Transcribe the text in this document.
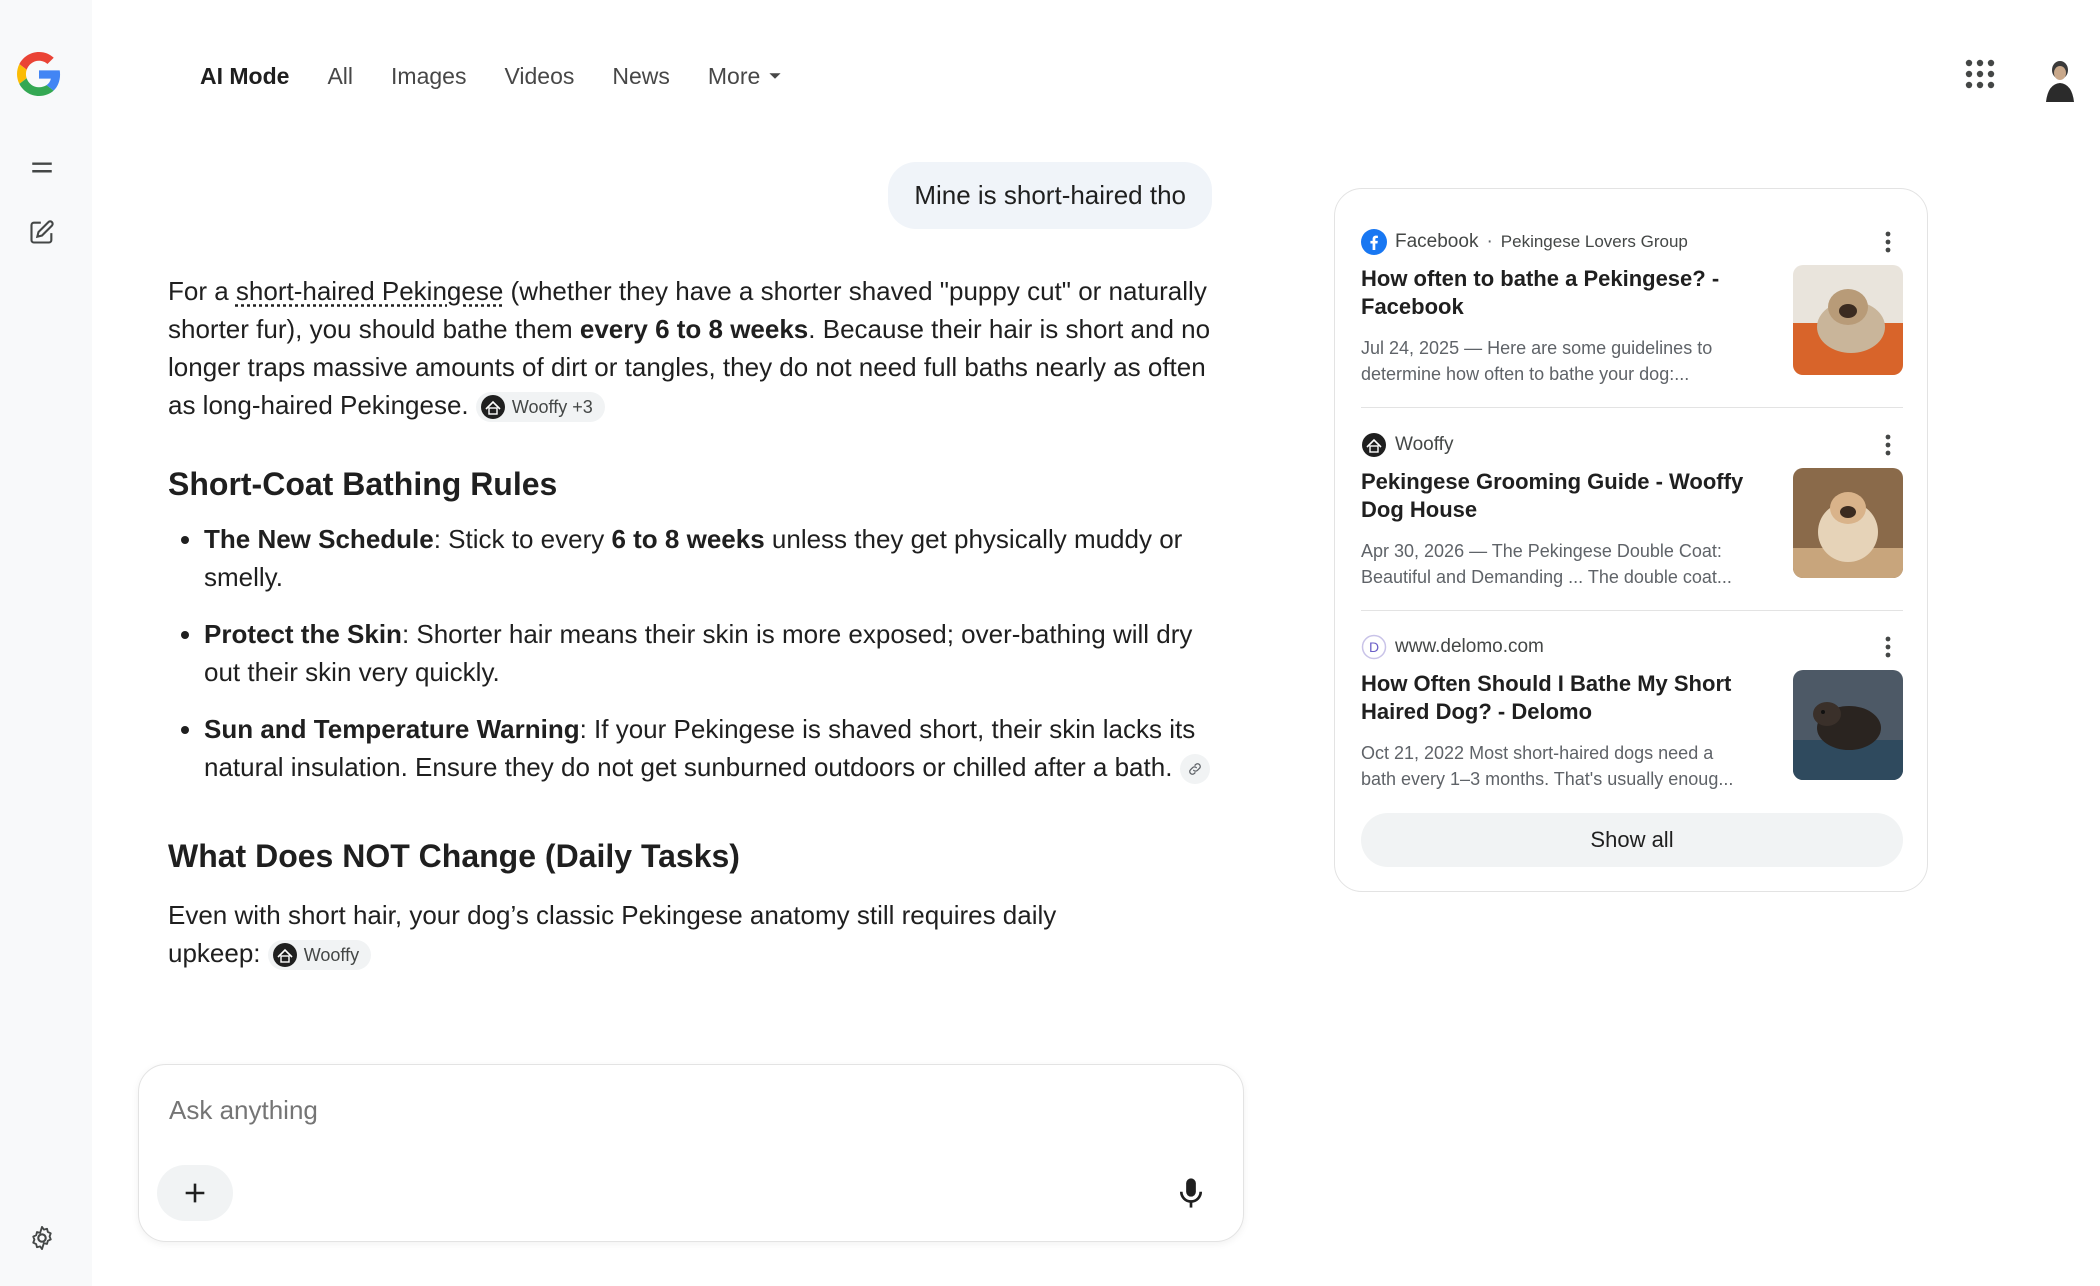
AI Mode All Images Videos News More
Mine is short-haired tho

For a short-haired Pekingese (whether they have a shorter shaved "puppy cut" or naturally shorter fur), you should bathe them every 6 to 8 weeks. Because their hair is short and no longer traps massive amounts of dirt or tangles, they do not need full baths nearly as often as long-haired Pekingese. Wooffy +3

Short-Coat Bathing Rules
• The New Schedule: Stick to every 6 to 8 weeks unless they get physically muddy or smelly.
• Protect the Skin: Shorter hair means their skin is more exposed; over-bathing will dry out their skin very quickly.
• Sun and Temperature Warning: If your Pekingese is shaved short, their skin lacks its natural insulation. Ensure they do not get sunburned outdoors or chilled after a bath.
What Does NOT Change (Daily Tasks)

Even with short hair, your dog’s classic Pekingese anatomy still requires daily upkeep: Wooffy

Ask anything
Facebook · Pekingese Lovers Group
How often to bathe a Pekingese? - Facebook
Jul 24, 2025 — Here are some guidelines to
determine how often to bathe your dog:...
Wooffy
Pekingese Grooming Guide - Wooffy Dog House
Apr 30, 2026 — The Pekingese Double Coat:
Beautiful and Demanding ... The double coat...
D www.delomo.com
How Often Should I Bathe My Short Haired Dog? - Delomo
Oct 21, 2022 Most short-haired dogs need a
bath every 1–3 months. That's usually enoug...
Show all
